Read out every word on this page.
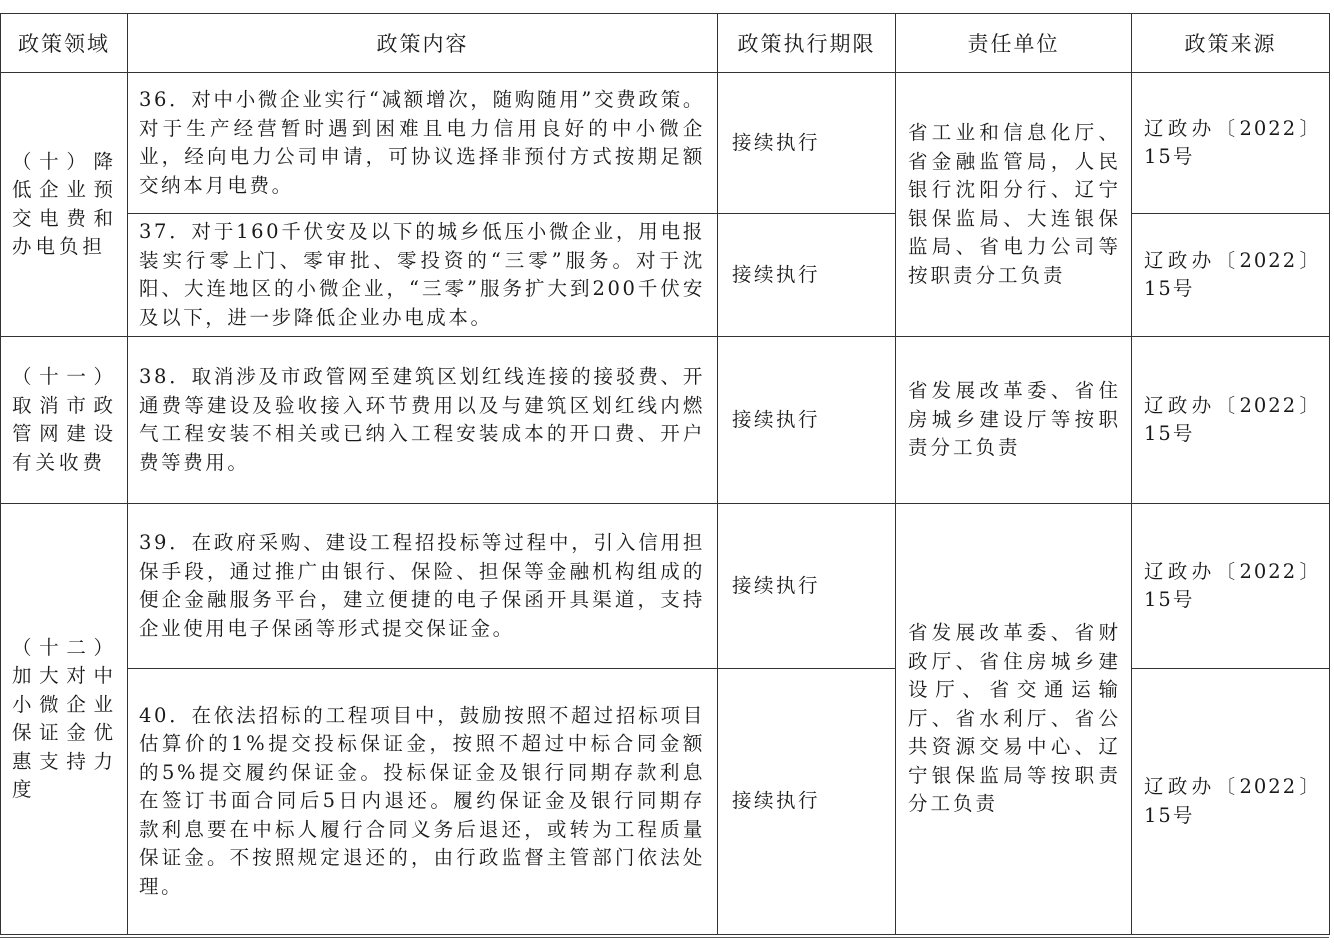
政策领域	政策内容	政策执行期限	责任单位	政策来源

（十）降低企业预交电费和办电负担	36．对中小微企业实行“减额增次，随购随用”交费政策。对于生产经营暂时遇到困难且电力信用良好的中小微企业，经向电力公司申请，可协议选择非预付方式按期足额交纳本月电费。	接续执行	省工业和信息化厅、省金融监管局，人民银行沈阳分行、辽宁银保监局、大连银保监局、省电力公司等按职责分工负责	辽政办〔2022〕15号

	37．对于160千伏安及以下的城乡低压小微企业，用电报装实行零上门、零审批、零投资的“三零”服务。对于沈阳、大连地区的小微企业，“三零”服务扩大到200千伏安及以下，进一步降低企业办电成本。	接续执行		辽政办〔2022〕15号

（十一）取消市政管网建设有关收费	38．取消涉及市政管网至建筑区划红线连接的接驳费、开通费等建设及验收接入环节费用以及与建筑区划红线内燃气工程安装不相关或已纳入工程安装成本的开口费、开户费等费用。	接续执行	省发展改革委、省住房城乡建设厅等按职责分工负责	辽政办〔2022〕15号

（十二）加大对中小微企业保证金优惠支持力度	39．在政府采购、建设工程招投标等过程中，引入信用担保手段，通过推广由银行、保险、担保等金融机构组成的便企金融服务平台，建立便捷的电子保函开具渠道，支持企业使用电子保函等形式提交保证金。	接续执行	省发展改革委、省财政厅、省住房城乡建设厅、省交通运输厅、省水利厅、省公共资源交易中心、辽宁银保监局等按职责分工负责	辽政办〔2022〕15号

	40．在依法招标的工程项目中，鼓励按照不超过招标项目估算价的1%提交投标保证金，按照不超过中标合同金额的5%提交履约保证金。投标保证金及银行同期存款利息在签订书面合同后5日内退还。履约保证金及银行同期存款利息要在中标人履行合同义务后退还，或转为工程质量保证金。不按照规定退还的，由行政监督主管部门依法处理。	接续执行		辽政办〔2022〕15号
